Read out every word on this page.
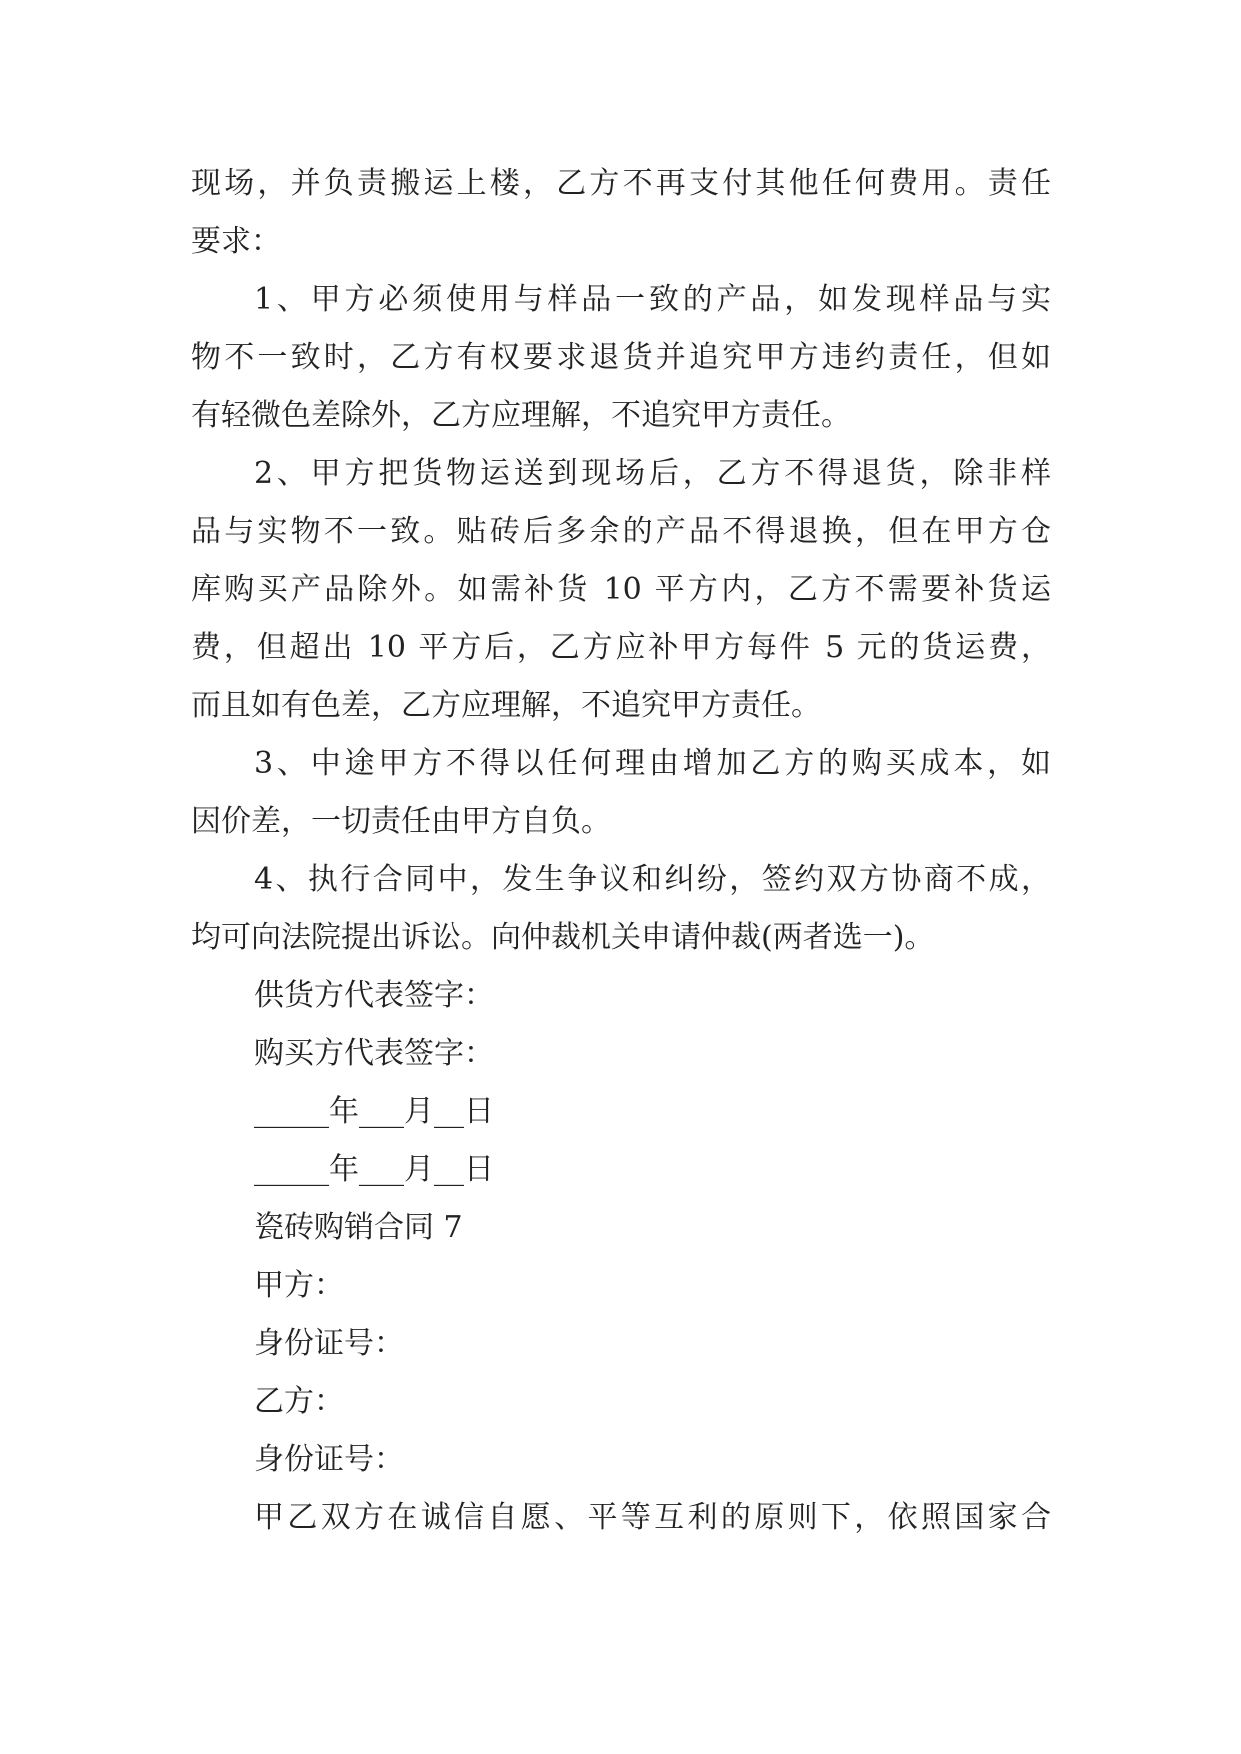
现场，并负责搬运上楼，乙方不再支付其他任何费用。责任
要求：
1、甲方必须使用与样品一致的产品，如发现样品与实
物不一致时，乙方有权要求退货并追究甲方违约责任，但如
有轻微色差除外，乙方应理解，不追究甲方责任。
2、甲方把货物运送到现场后，乙方不得退货，除非样
品与实物不一致。贴砖后多余的产品不得退换，但在甲方仓
库购买产品除外。如需补货 10 平方内，乙方不需要补货运
费，但超出 10 平方后，乙方应补甲方每件 5 元的货运费，
而且如有色差，乙方应理解，不追究甲方责任。
3、中途甲方不得以任何理由增加乙方的购买成本，如
因价差，一切责任由甲方自负。
4、执行合同中，发生争议和纠纷，签约双方协商不成，
均可向法院提出诉讼。向仲裁机关申请仲裁(两者选一)。
供货方代表签字：
购买方代表签字：
_____年___月__日
_____年___月__日
瓷砖购销合同 7
甲方：
身份证号：
乙方：
身份证号：
甲乙双方在诚信自愿、平等互利的原则下，依照国家合
